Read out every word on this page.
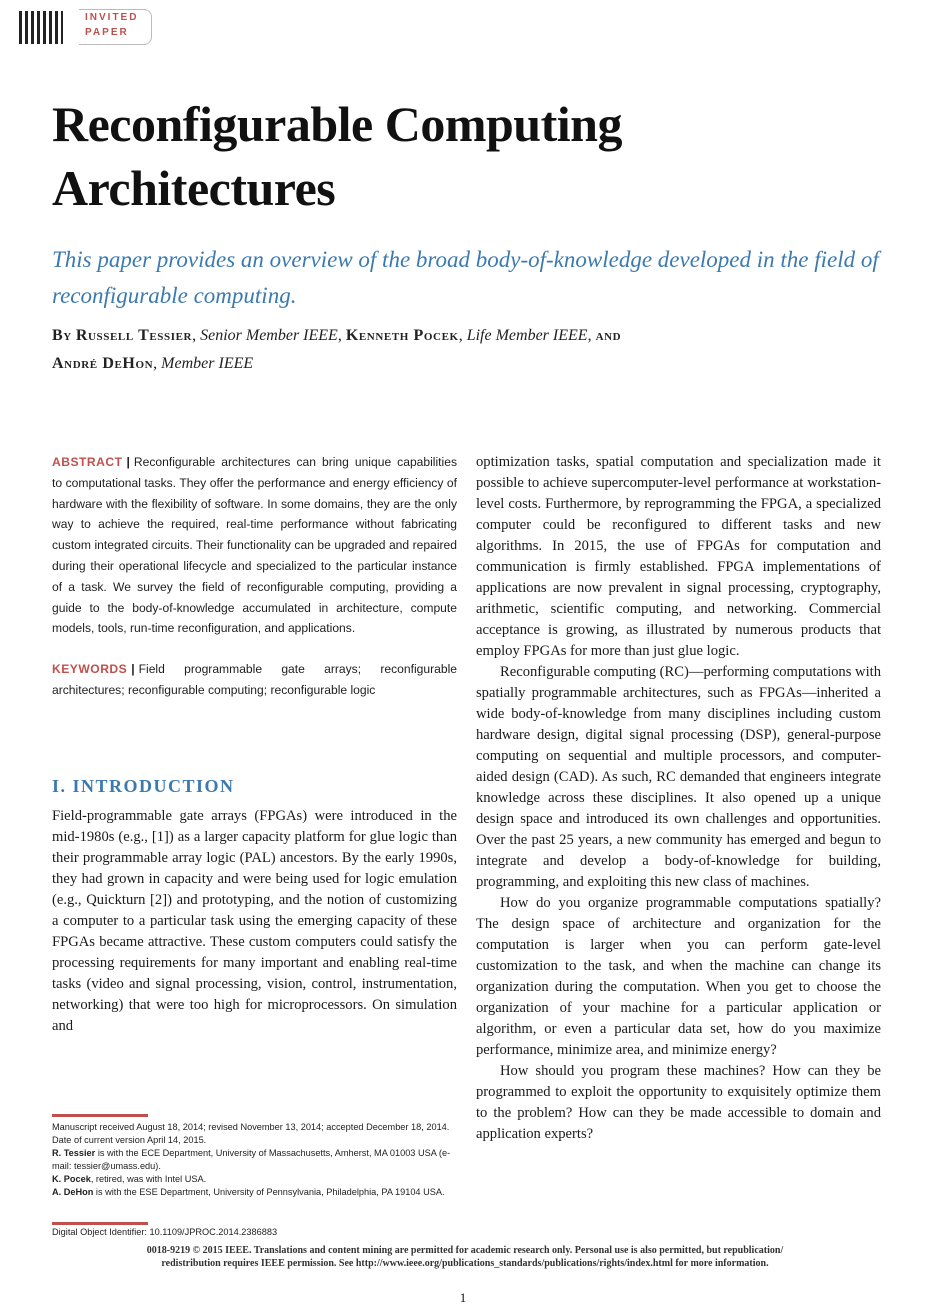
INVITED
PAPER
Reconfigurable Computing Architectures

This paper provides an overview of the broad body-of-knowledge developed in the field of reconfigurable computing.

By Russell Tessier, Senior Member IEEE, Kenneth Pocek, Life Member IEEE, and
André DeHon, Member IEEE

ABSTRACT | Reconfigurable architectures can bring unique capabilities to computational tasks. They offer the performance and energy efficiency of hardware with the flexibility of software. In some domains, they are the only way to achieve the required, real-time performance without fabricating custom integrated circuits. Their functionality can be upgraded and repaired during their operational lifecycle and specialized to the particular instance of a task. We survey the field of reconfigurable computing, providing a guide to the body-of-knowledge accumulated in architecture, compute models, tools, run-time reconfiguration, and applications.

KEYWORDS | Field programmable gate arrays; reconfigurable architectures; reconfigurable computing; reconfigurable logic

I. INTRODUCTION

Field-programmable gate arrays (FPGAs) were introduced in the mid-1980s (e.g., [1]) as a larger capacity platform for glue logic than their programmable array logic (PAL) ancestors. By the early 1990s, they had grown in capacity and were being used for logic emulation (e.g., Quickturn [2]) and prototyping, and the notion of customizing a computer to a particular task using the emerging capacity of these FPGAs became attractive. These custom computers could satisfy the processing requirements for many important and enabling real-time tasks (video and signal processing, vision, control, instrumentation, networking) that were too high for microprocessors. On simulation and

Manuscript received August 18, 2014; revised November 13, 2014; accepted December 18, 2014. Date of current version April 14, 2015.

R. Tessier is with the ECE Department, University of Massachusetts, Amherst, MA 01003 USA (e-mail: tessier@umass.edu).

K. Pocek, retired, was with Intel USA.

A. DeHon is with the ESE Department, University of Pennsylvania, Philadelphia, PA 19104 USA.

Digital Object Identifier: 10.1109/JPROC.2014.2386883

optimization tasks, spatial computation and specialization made it possible to achieve supercomputer-level performance at workstation-level costs. Furthermore, by reprogramming the FPGA, a specialized computer could be reconfigured to different tasks and new algorithms. In 2015, the use of FPGAs for computation and communication is firmly established. FPGA implementations of applications are now prevalent in signal processing, cryptography, arithmetic, scientific computing, and networking. Commercial acceptance is growing, as illustrated by numerous products that employ FPGAs for more than just glue logic.

Reconfigurable computing (RC)—performing computations with spatially programmable architectures, such as FPGAs—inherited a wide body-of-knowledge from many disciplines including custom hardware design, digital signal processing (DSP), general-purpose computing on sequential and multiple processors, and computer-aided design (CAD). As such, RC demanded that engineers integrate knowledge across these disciplines. It also opened up a unique design space and introduced its own challenges and opportunities. Over the past 25 years, a new community has emerged and begun to integrate and develop a body-of-knowledge for building, programming, and exploiting this new class of machines.

How do you organize programmable computations spatially? The design space of architecture and organization for the computation is larger when you can perform gate-level customization to the task, and when the machine can change its organization during the computation. When you get to choose the organization of your machine for a particular application or algorithm, or even a particular data set, how do you maximize performance, minimize area, and minimize energy?

How should you program these machines? How can they be programmed to exploit the opportunity to exquisitely optimize them to the problem? How can they be made accessible to domain and application experts?

0018-9219 © 2015 IEEE. Translations and content mining are permitted for academic research only. Personal use is also permitted, but republication/
redistribution requires IEEE permission. See http://www.ieee.org/publications_standards/publications/rights/index.html for more information.
1
